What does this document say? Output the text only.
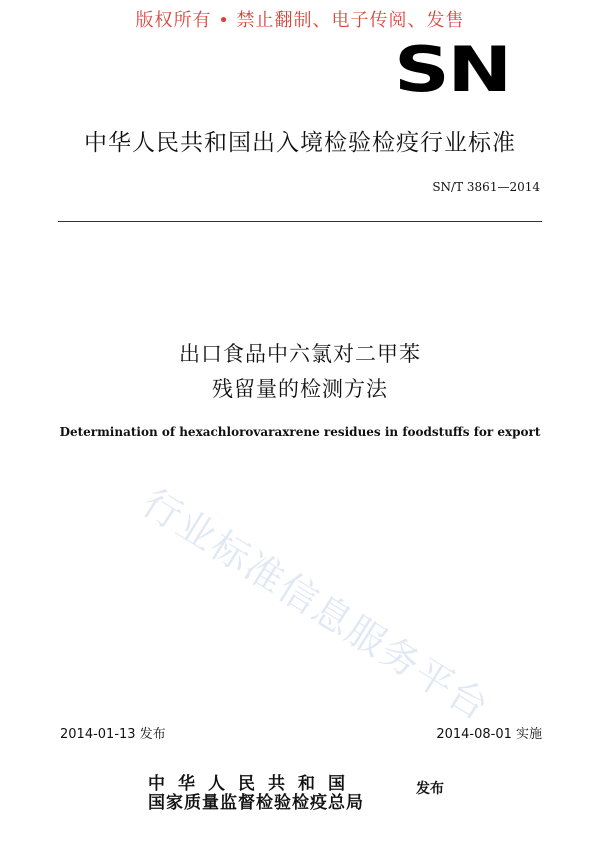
版权所有 • 禁止翻制、电子传阅、发售
SN
中华人民共和国出入境检验检疫行业标准
SN/T 3861—2014
出口食品中六氯对二甲苯
残留量的检测方法
Determination of hexachlorovaraxrene residues in foodstuffs for export
行业标准信息服务平台
2014-01-13 发布	2014-08-01 实施
中华人民共和国
国家质量监督检验检疫总局
发布
